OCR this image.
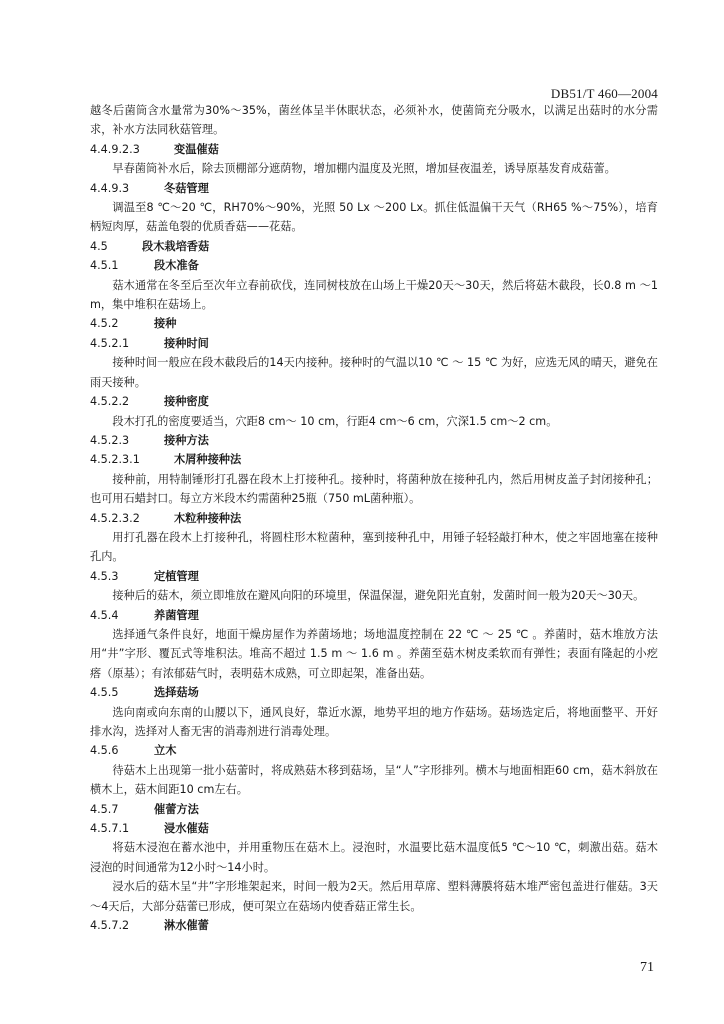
DB51/T 460—2004

越冬后菌筒含水量常为30%～35%，菌丝体呈半休眠状态，必须补水，使菌筒充分吸水，以满足出菇时的水分需求，补水方法同秋菇管理。

4.4.9.2.3	变温催菇

早春菌筒补水后，除去顶棚部分遮荫物，增加棚内温度及光照，增加昼夜温差，诱导原基发育成菇蕾。

4.4.9.3	冬菇管理

调温至8 ℃～20 ℃，RH70%～90%，光照 50 Lx ～200 Lx。抓住低温偏干天气（RH65 %～75%），培育柄短肉厚，菇盖龟裂的优质香菇——花菇。

4.5	段木栽培香菇
4.5.1	段木准备

菇木通常在冬至后至次年立春前砍伐，连同树枝放在山场上干燥20天～30天，然后将菇木截段，长0.8 m ～1 m，集中堆积在菇场上。

4.5.2	接种
4.5.2.1	接种时间

接种时间一般应在段木截段后的14天内接种。接种时的气温以10 ℃ ～ 15 ℃ 为好，应选无风的晴天，避免在雨天接种。

4.5.2.2	接种密度

段木打孔的密度要适当，穴距8 cm～ 10 cm，行距4 cm～6 cm，穴深1.5 cm～2 cm。

4.5.2.3	接种方法
4.5.2.3.1	木屑种接种法

接种前，用特制锤形打孔器在段木上打接种孔。接种时，将菌种放在接种孔内，然后用树皮盖子封闭接种孔；也可用石蜡封口。每立方米段木约需菌种25瓶（750 mL菌种瓶）。

4.5.2.3.2	木粒种接种法

用打孔器在段木上打接种孔，将圆柱形木粒菌种，塞到接种孔中，用锤子轻轻敲打种木，使之牢固地塞在接种孔内。

4.5.3	定植管理

接种后的菇木，须立即堆放在避风向阳的环境里，保温保湿，避免阳光直射，发菌时间一般为20天～30天。

4.5.4	养菌管理

选择通气条件良好，地面干燥房屋作为养菌场地；场地温度控制在 22 ℃ ～ 25 ℃ 。养菌时，菇木堆放方法用“井”字形、覆瓦式等堆积法。堆高不超过 1.5 m ～ 1.6 m 。养菌至菇木树皮柔软而有弹性；表面有隆起的小疙瘩（原基）；有浓郁菇气时，表明菇木成熟，可立即起架，准备出菇。

4.5.5	选择菇场

选向南或向东南的山腰以下，通风良好，靠近水源，地势平坦的地方作菇场。菇场选定后，将地面整平、开好排水沟，选择对人畜无害的消毒剂进行消毒处理。

4.5.6	立木

待菇木上出现第一批小菇蕾时，将成熟菇木移到菇场，呈“人”字形排列。横木与地面相距60 cm，菇木斜放在横木上，菇木间距10 cm左右。

4.5.7	催蕾方法
4.5.7.1	浸水催菇

将菇木浸泡在蓄水池中，并用重物压在菇木上。浸泡时，水温要比菇木温度低5 ℃～10 ℃，刺激出菇。菇木浸泡的时间通常为12小时～14小时。

浸水后的菇木呈“井”字形堆架起来，时间一般为2天。然后用草席、塑料薄膜将菇木堆严密包盖进行催菇。3天～4天后，大部分菇蕾已形成，便可架立在菇场内使香菇正常生长。

4.5.7.2	淋水催蕾
71
